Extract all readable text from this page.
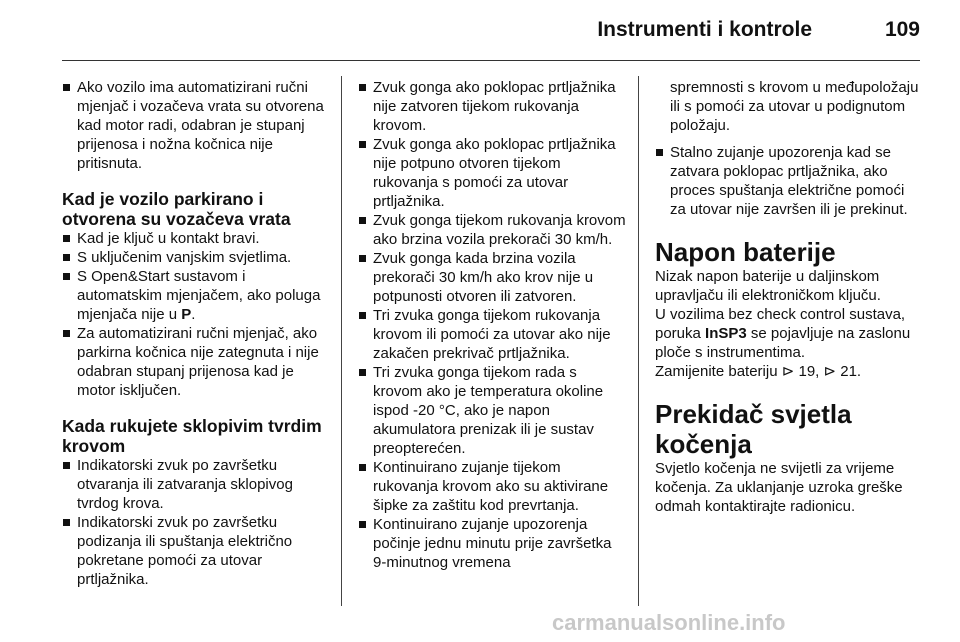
Instrumenti i kontrole	109

Ako vozilo ima automatizirani ručni mjenjač i vozačeva vrata su otvorena kad motor radi, odabran je stupanj prijenosa i nožna kočnica nije pritisnuta.

Kad je vozilo parkirano i otvorena su vozačeva vrata

Kad je ključ u kontakt bravi.

S uključenim vanjskim svjetlima.

S Open&Start sustavom i automatskim mjenjačem, ako poluga mjenjača nije u P.

Za automatizirani ručni mjenjač, ako parkirna kočnica nije zategnuta i nije odabran stupanj prijenosa kad je motor isključen.

Kada rukujete sklopivim tvrdim krovom

Indikatorski zvuk po završetku otvaranja ili zatvaranja sklopivog tvrdog krova.

Indikatorski zvuk po završetku podizanja ili spuštanja električno pokretane pomoći za utovar prtljažnika.

Zvuk gonga ako poklopac prtljažnika nije zatvoren tijekom rukovanja krovom.

Zvuk gonga ako poklopac prtljažnika nije potpuno otvoren tijekom rukovanja s pomoći za utovar prtljažnika.

Zvuk gonga tijekom rukovanja krovom ako brzina vozila prekorači 30 km/h.

Zvuk gonga kada brzina vozila prekorači 30 km/h ako krov nije u potpunosti otvoren ili zatvoren.

Tri zvuka gonga tijekom rukovanja krovom ili pomoći za utovar ako nije zakačen prekrivač prtljažnika.

Tri zvuka gonga tijekom rada s krovom ako je temperatura okoline ispod -20 °C, ako je napon akumulatora prenizak ili je sustav preopterećen.

Kontinuirano zujanje tijekom rukovanja krovom ako su aktivirane šipke za zaštitu kod prevrtanja.

Kontinuirano zujanje upozorenja počinje jednu minutu prije završetka 9-minutnog vremena

spremnosti s krovom u međupoložaju ili s pomoći za utovar u podignutom položaju.

Stalno zujanje upozorenja kad se zatvara poklopac prtljažnika, ako proces spuštanja električne pomoći za utovar nije završen ili je prekinut.

Napon baterije

Nizak napon baterije u daljinskom upravljaču ili elektroničkom ključu.

U vozilima bez check control sustava, poruka InSP3 se pojavljuje na zaslonu ploče s instrumentima.

Zamijenite bateriju ⊳ 19, ⊳ 21.

Prekidač svjetla kočenja

Svjetlo kočenja ne svijetli za vrijeme kočenja. Za uklanjanje uzroka greške odmah kontaktirajte radionicu.

carmanualsonline.info
